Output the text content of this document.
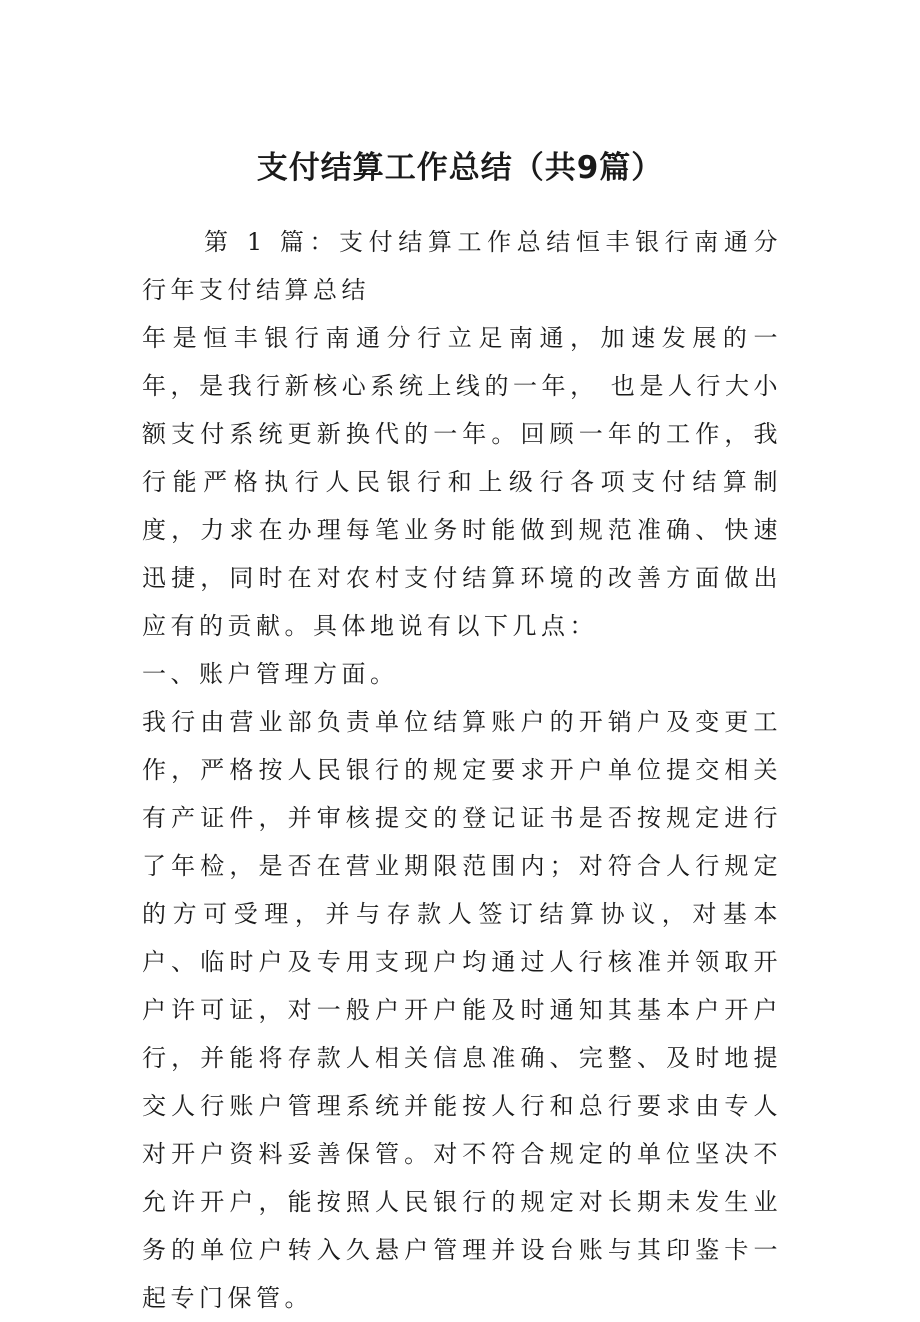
支付结算工作总结（共9篇）

第 1 篇：支付结算工作总结恒丰银行南通分行年支付结算总结

年是恒丰银行南通分行立足南通，加速发展的一年，是我行新核心系统上线的一年， 也是人行大小额支付系统更新换代的一年。回顾一年的工作，我行能严格执行人民银行和上级行各项支付结算制度，力求在办理每笔业务时能做到规范准确、快速迅捷，同时在对农村支付结算环境的改善方面做出应有的贡献。具体地说有以下几点：

一、账户管理方面。

我行由营业部负责单位结算账户的开销户及变更工作，严格按人民银行的规定要求开户单位提交相关有产证件，并审核提交的登记证书是否按规定进行了年检，是否在营业期限范围内；对符合人行规定的方可受理，并与存款人签订结算协议，对基本户、临时户及专用支现户均通过人行核准并领取开户许可证，对一般户开户能及时通知其基本户开户行，并能将存款人相关信息准确、完整、及时地提交人行账户管理系统并能按人行和总行要求由专人对开户资料妥善保管。对不符合规定的单位坚决不允许开户，能按照人民银行的规定对长期未发生业务的单位户转入久悬户管理并设台账与其印鉴卡一起专门保管。
